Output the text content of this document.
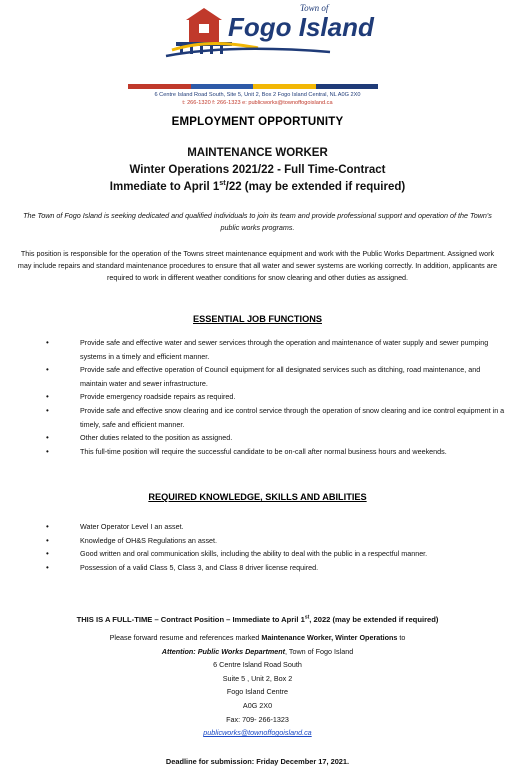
Town of
Fogo Island
6 Centre Island Road South, Site 5, Unit 2, Box 2 Fogo Island Central, NL A0G 2X0
t: 266-1320 f: 266-1323 e: publicworks@townoffogoisland.ca
EMPLOYMENT OPPORTUNITY
MAINTENANCE WORKER
Winter Operations 2021/22 - Full Time-Contract
Immediate to April 1st/22 (may be extended if required)
The Town of Fogo Island is seeking dedicated and qualified individuals to join its team and provide professional support and operation of the Town's public works programs.
This position is responsible for the operation of the Towns street maintenance equipment and work with the Public Works Department. Assigned work may include repairs and standard maintenance procedures to ensure that all water and sewer systems are working correctly. In addition, applicants are required to work in different weather conditions for snow clearing and other duties as assigned.
ESSENTIAL JOB FUNCTIONS
•	Provide safe and effective water and sewer services through the operation and maintenance of water supply and sewer pumping systems in a timely and efficient manner.
•	Provide safe and effective operation of Council equipment for all designated services such as ditching, road maintenance, and maintain water and sewer infrastructure.
•	Provide emergency roadside repairs as required.
•	Provide safe and effective snow clearing and ice control service through the operation of snow clearing and ice control equipment in a timely, safe and efficient manner.
•	Other duties related to the position as assigned.
•	This full-time position will require the successful candidate to be on-call after normal business hours and weekends.
REQUIRED KNOWLEDGE, SKILLS AND ABILITIES
•	Water Operator Level I an asset.
•	Knowledge of OH&S Regulations an asset.
•	Good written and oral communication skills, including the ability to deal with the public in a respectful manner.
•	Possession of a valid Class 5, Class 3, and Class 8 driver license required.
THIS IS A FULL-TIME – Contract Position – Immediate to April 1st, 2022 (may be extended if required)
Please forward resume and references marked Maintenance Worker, Winter Operations to
Attention: Public Works Department, Town of Fogo Island
6 Centre Island Road South
Suite 5 , Unit 2, Box 2
Fogo Island Centre
A0G 2X0
Fax: 709- 266-1323
publicworks@townoffogoisland.ca
Deadline for submission: Friday December 17, 2021.
